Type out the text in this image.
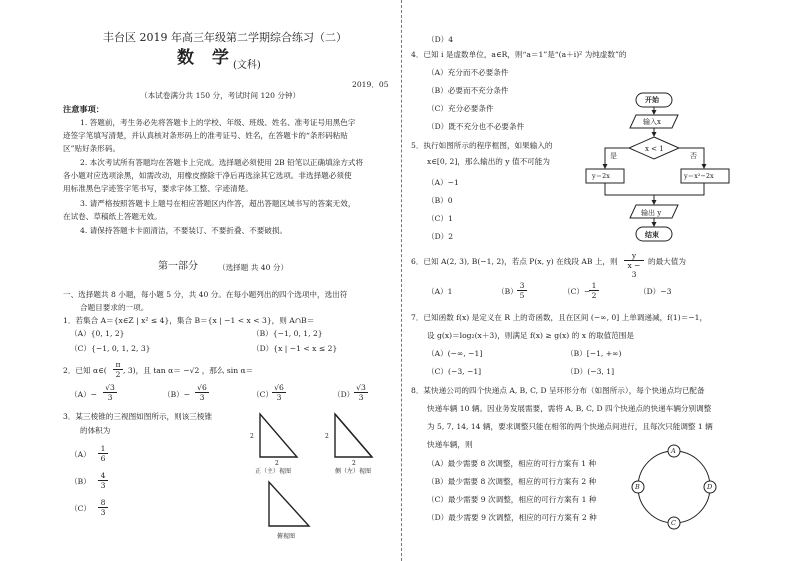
丰台区 2019 年高三年级第二学期综合练习（二）
数 学
(文科)
2019．05
（本试卷满分共 150 分，考试时间 120 分钟）
注意事项：
1. 答题前，考生务必先将答题卡上的学校、年级、班级、姓名、准考证号用黑色字
迹签字笔填写清楚，并认真核对条形码上的准考证号、姓名，在答题卡的“条形码粘贴
区”贴好条形码。
2. 本次考试所有答题均在答题卡上完成。选择题必须使用 2B 铅笔以正确填涂方式将
各小题对应选项涂黑，如需改动，用橡皮擦除干净后再选涂其它选项。非选择题必须使
用标准黑色字迹签字笔书写，要求字体工整、字迹清楚。
3. 请严格按照答题卡上题号在相应答题区内作答，超出答题区域书写的答案无效，
在试卷、草稿纸上答题无效。
4. 请保持答题卡卡面清洁，不要装订、不要折叠、不要破损。
第一部分	（选择题 共 40 分）
一、选择题共 8 小题，每小题 5 分，共 40 分。在每小题列出的四个选项中，选出符
合题目要求的一项。
1．若集合 A＝{x∈Z | x² ≤ 4}，集合 B＝{x | −1 < x < 3}，则 A∩B＝
（A）{0, 1, 2}	（B）{−1, 0, 1, 2}
（C）{−1, 0, 1, 2, 3}	（D）{x | −1 < x ≤ 2}
2．已知 α∈( $\frac{\pi}{2}$ , 3)，且 tan α＝ −√2 ，那么 sin α＝
$(A)- \frac{√3}{3}$	$(B)- \frac{√6}{3}$	$(C) \frac{√6}{3}$	$(D) \frac{√3}{3}$
3．某三棱锥的三视图如图所示，则该三棱锥
的体积为
$(A) \frac{1}{6}$
$(B) \frac{4}{3}$
$(C) \frac{8}{3}$
2
2
正（主）视图
2
2
侧（左）视图
俯视图
（D）4
4．已知 i 是虚数单位，a∈R，则“a＝1”是“(a＋i)² 为纯虚数”的
（A）充分而不必要条件
（B）必要而不充分条件
（C）充分必要条件
（D）既不充分也不必要条件
5．执行如图所示的程序框图，如果输入的
x∈[0, 2]，那么输出的 y 值不可能为
（A）−1
（B）0
（C）1
（D）2
开始
输入x
x < 1
是	否
y＝2x	y＝x²−2x
输出 y
结束
6．已知 A(2, 3), B(−1, 2)，若点 P(x, y) 在线段 AB 上，则 $\frac{y}{x - 3}$ 的最大值为
（A）1	$(B) \frac{3}{5}$	（C）−
$\frac{1}{2}$	（D）−3
7．已知函数 f(x) 是定义在 R 上的奇函数，且在区间 (−∞, 0] 上单调递减，f(1)＝−1，
设 g(x)＝log₂(x＋3)，则满足 f(x) ≥ g(x) 的 x 的取值范围是
（A）(−∞, −1]	（B）[−1, +∞)
（C）(−3, −1]	（D）(−3, 1]
8．某快递公司的四个快递点 A, B, C, D 呈环形分布（如图所示），每个快递点均已配备
快递车辆 10 辆。因业务发展需要，需将 A, B, C, D 四个快递点的快递车辆分别调整
为 5, 7, 14, 14 辆，要求调整只能在相邻的两个快递点间进行，且每次只能调整 1 辆
快递车辆，则
（A）最少需要 8 次调整，相应的可行方案有 1 种
（B）最少需要 8 次调整，相应的可行方案有 2 种
（C）最少需要 9 次调整，相应的可行方案有 1 种
（D）最少需要 9 次调整，相应的可行方案有 2 种
A
B	D
C
